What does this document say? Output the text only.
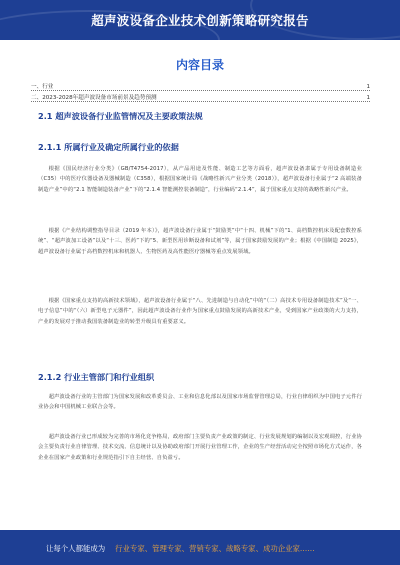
超声波设备企业技术创新策略研究报告
内容目录
一、行业	1
二、2023-2028年超声波设备市场前景及趋势预测	1
2.1 超声波设备行业监管情况及主要政策法规
2.1.1 所属行业及确定所属行业的依据
根据《国民经济行业分类》（GB/T4754-2017），从产品用途及性能、制造工艺等方面看，超声波设备隶属于专用设备制造业（C35）中的医疗仪器设备及器械制造（C358），根据国家统计局《战略性新兴产业分类（2018）》，超声波设备行业属于“2 高端装备制造产业”中的“2.1 智能制造装备产业”下的“2.1.4 智能测控装备制造”，行业编码“2.1.4”，属于国家重点支持的战略性新兴产业。
根据《产业结构调整指导目录（2019 年本）》，超声波设备行业属于“鼓励类”中“十四、机械”下的“1、高档数控机床及配套数控系统”、“超声波加工设备”以及“十三、医药”下的“5、新型医用诊断设备和试剂”等，属于国家鼓励发展的产业；根据《中国制造 2025》，超声波设备行业属于高档数控机床和机器人、生物医药及高性能医疗器械等重点发展领域。
根据《国家重点支持的高新技术领域》，超声波设备行业属于“八、先进制造与自动化”中的“（二）高技术专用设备制造技术”及“一、电子信息”中的“（六）新型电子元器件”，因此超声波设备行业作为国家重点鼓励发展的高新技术产业，受到国家产业政策的大力支持，产业的发展对于推动我国装备制造业的转型升级具有重要意义。
2.1.2 行业主管部门和行业组织
超声波设备行业的主管部门为国家发展和改革委员会、工业和信息化部以及国家市场监督管理总局，行业自律组织为中国电子元件行业协会和中国机械工业联合会等。
超声波设备行业已形成较为完善的市场化竞争格局，政府部门主要负责产业政策的制定、行业发展规划的编制以及宏观调控，行业协会主要负责行业自律管理、技术交流、信息统计以及协助政府部门开展行业管理工作，企业的生产经营活动完全按照市场化方式运作，各企业在国家产业政策和行业规范指引下自主经营、自负盈亏。
让每个人都能成为 行业专家、管理专家、营销专家、战略专家、成功企业家……
